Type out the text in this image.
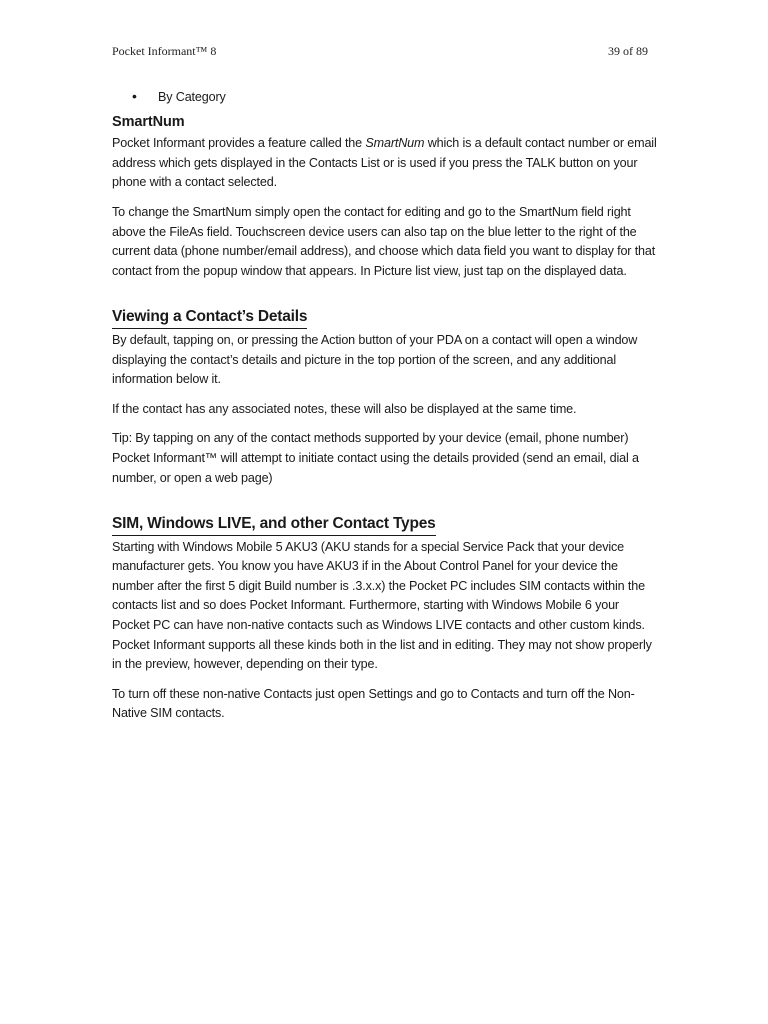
Pocket Informant™ 8	39 of 89
•	By Category
SmartNum

Pocket Informant provides a feature called the SmartNum which is a default contact number or email address which gets displayed in the Contacts List or is used if you press the TALK button on your phone with a contact selected.

To change the SmartNum simply open the contact for editing and go to the SmartNum field right above the FileAs field. Touchscreen device users can also tap on the blue letter to the right of the current data (phone number/email address), and choose which data field you want to display for that contact from the popup window that appears. In Picture list view, just tap on the displayed data.

Viewing a Contact’s Details

By default, tapping on, or pressing the Action button of your PDA on a contact will open a window displaying the contact’s details and picture in the top portion of the screen, and any additional information below it.

If the contact has any associated notes, these will also be displayed at the same time.

Tip: By tapping on any of the contact methods supported by your device (email, phone number) Pocket Informant™ will attempt to initiate contact using the details provided (send an email, dial a number, or open a web page)

SIM, Windows LIVE, and other Contact Types

Starting with Windows Mobile 5 AKU3 (AKU stands for a special Service Pack that your device manufacturer gets. You know you have AKU3 if in the About Control Panel for your device the number after the first 5 digit Build number is .3.x.x) the Pocket PC includes SIM contacts within the contacts list and so does Pocket Informant. Furthermore, starting with Windows Mobile 6 your Pocket PC can have non-native contacts such as Windows LIVE contacts and other custom kinds. Pocket Informant supports all these kinds both in the list and in editing. They may not show properly in the preview, however, depending on their type.

To turn off these non-native Contacts just open Settings and go to Contacts and turn off the Non-Native SIM contacts.
